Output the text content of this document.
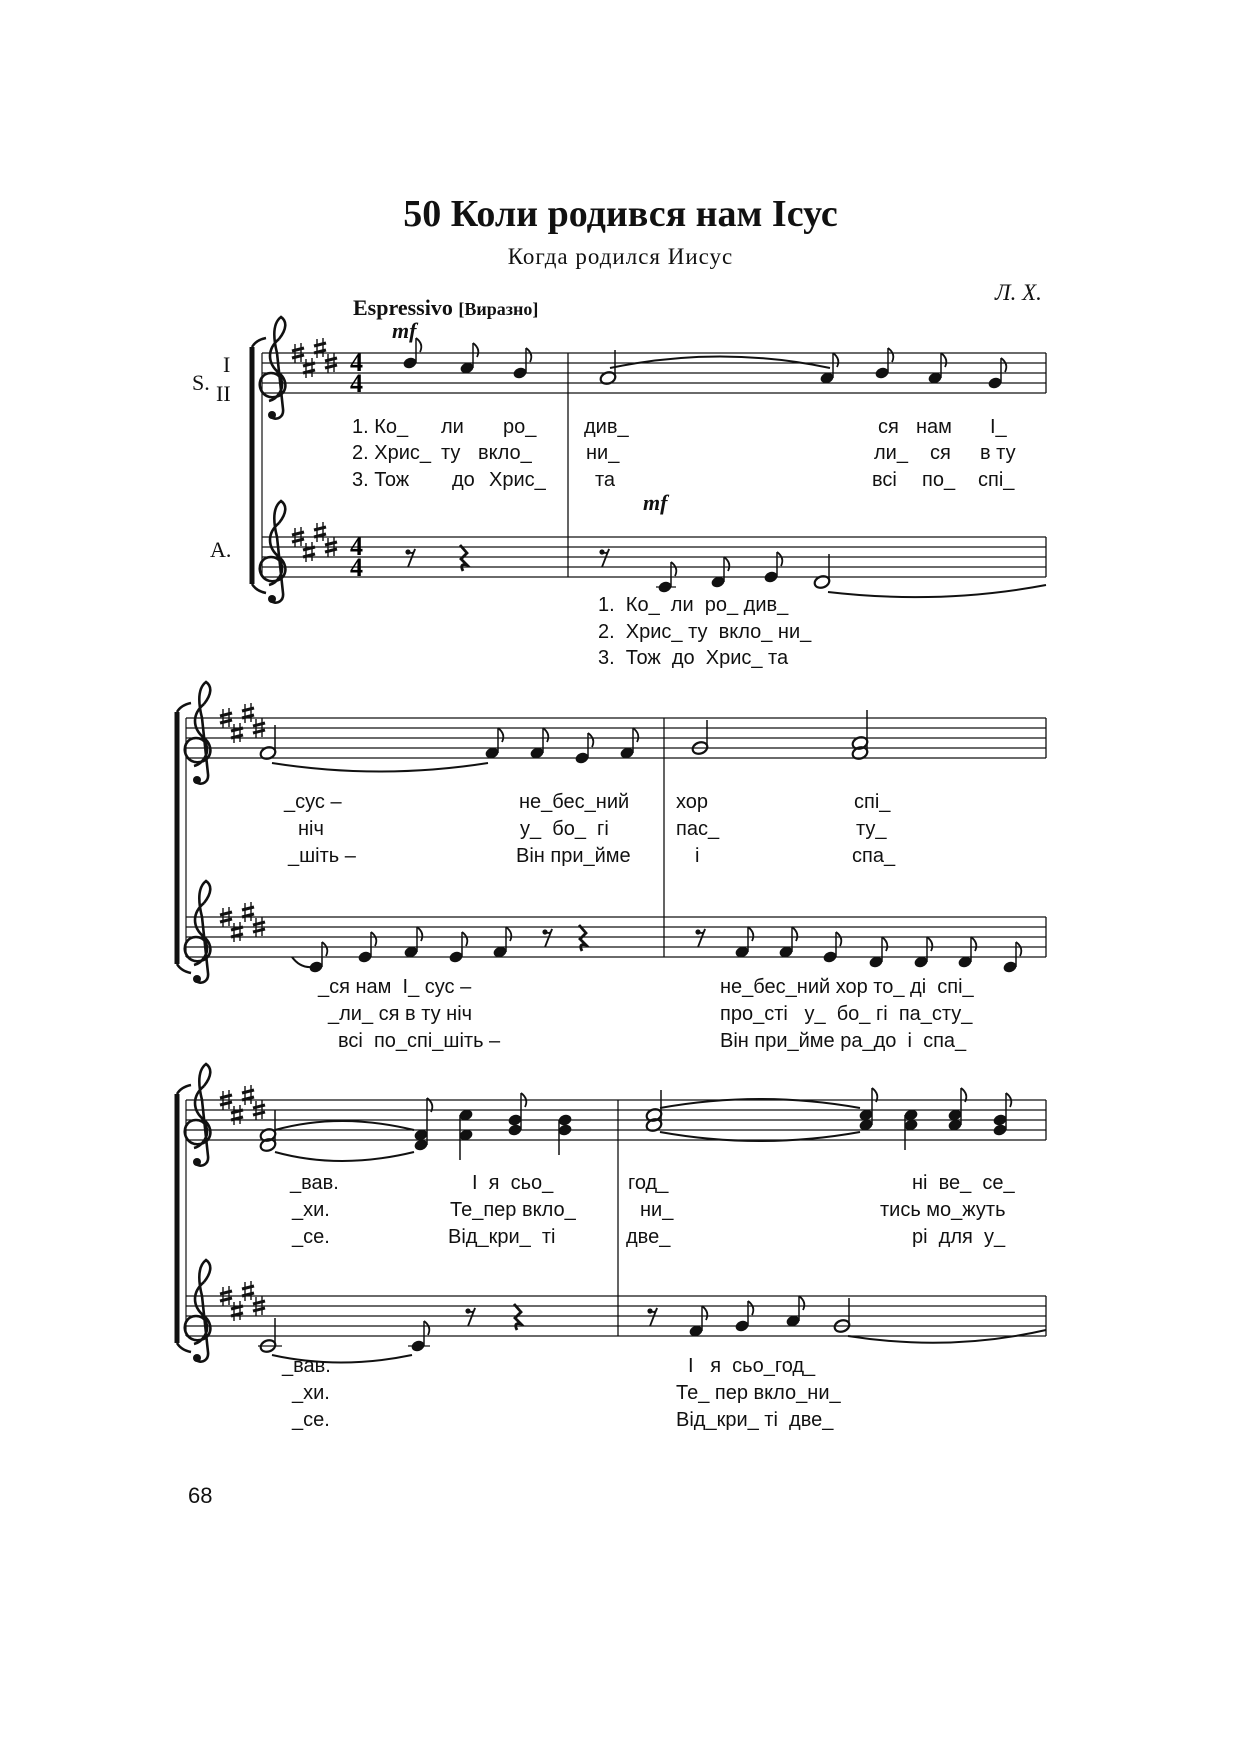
50 Коли родився нам Ісус
Когда родился Иисус
Л. Х.
Espressivo [Виразно]
mf
mf
S.
I
II
A.
4
4
4
4
1. Ко_ ли ро_ див_	ся нам І_
2. Хрис_ ту вкло_	ни_	ли_ ся в ту
3. Тож до Хрис_ та	всі по_ спі_
1.  Ко_  ли  ро_ див_
2.  Хрис_ ту  вкло_ ни_
3.  Тож  до  Хрис_ та
_сус –	не_бес_ний хор	спі_
ніч	у_  бо_  гі	пас_	ту_
_шіть –	Він при_йме	і	спа_
_ся нам  І_ сус –
_ли_ ся в ту ніч
всі  по_спі_шіть –
не_бес_ний хор то_ ді  спі_
про_сті   у_  бо_ гі  па_сту_
Він при_йме ра_до  і  спа_
_вав.	І  я  сьо_	год_	ні  ве_  се_
_хи.	Те_пер вкло_	ни_	тись мо_жуть
_се.	Від_кри_  ті	две_	рі  для  у_
_вав.
_хи.
_се.
І   я  сьо_год_
Те_ пер вкло_ни_
Від_кри_ ті  две_
68
